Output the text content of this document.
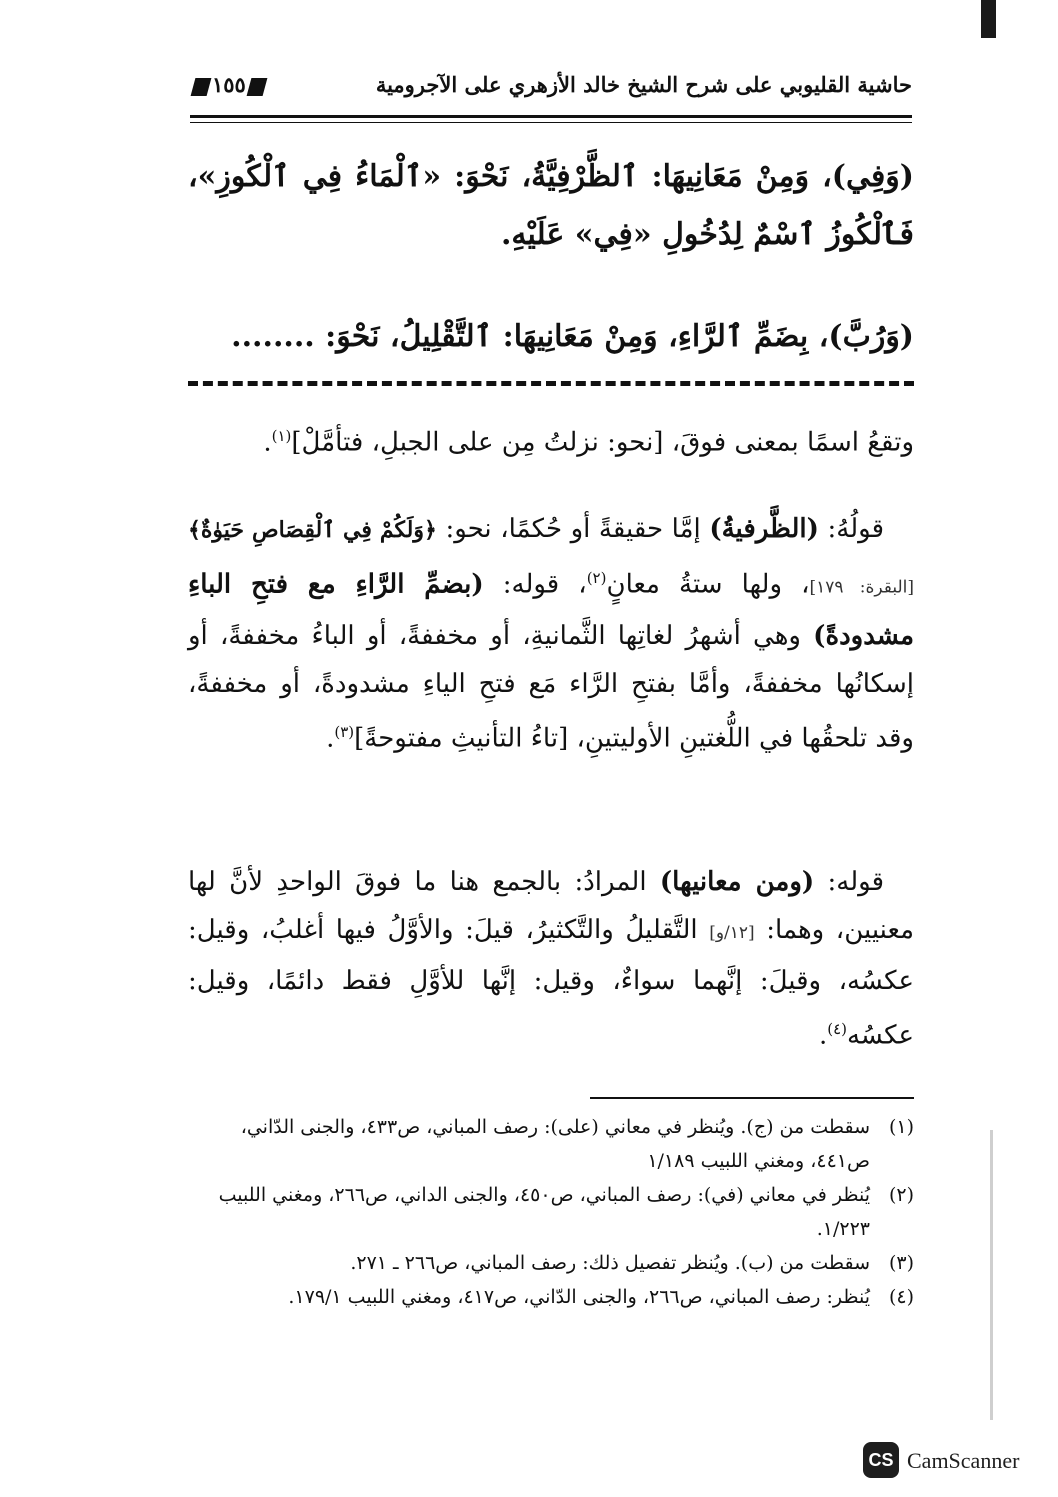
حاشية القليوبي على شرح الشيخ خالد الأزهري على الآجرومية
١٥٥
(وَفِي)، وَمِنْ مَعَانِيهَا: ٱلظَّرْفِيَّةُ، نَحْوَ: «ٱلْمَاءُ فِي ٱلْكُوزِ»، فَٱلْكُوزُ ٱسْمٌ لِدُخُولِ «فِي» عَلَيْهِ.
(وَرُبَّ)، بِضَمِّ ٱلرَّاءِ، وَمِنْ مَعَانِيهَا: ٱلتَّقْلِيلُ، نَحْوَ: ........
وتقعُ اسمًا بمعنى فوقَ، [نحو: نزلتُ مِن على الجبلِ، فتأمَّلْ]$^{(١)}$.
قولُهُ: (الظَّرفيةُ) إمَّا حقيقةً أو حُكمًا، نحو: ﴿وَلَكُمْ فِي ٱلْقِصَاصِ حَيَوٰةٌ﴾ [البقرة: ١٧٩]، ولها ستةُ معانٍ$^{(٢)}$، قوله: (بضمِّ الرَّاءِ مع فتحِ الباءِ مشدودةً) وهي أشهرُ لغاتِها الثَّمانيةِ، أو مخففةً، أو الباءُ مخففةً، أو إسكانُها مخففةً، وأمَّا بفتحِ الرَّاء مَع فتحِ الياءِ مشدودةً، أو مخففةً، وقد تلحقُها في اللُّغتينِ الأوليتينِ، [تاءُ التأنيثِ مفتوحةً]$^{(٣)}$.
قوله: (ومن معانيها) المرادُ: بالجمع هنا ما فوقَ الواحدِ لأنَّ لها معنيين، وهما: [١٢/و] التَّقليلُ والتَّكثيرُ، قيلَ: والأوَّلُ فيها أغلبُ، وقيل: عكسُه، وقيلَ: إنَّهما سواءٌ، وقيل: إنَّها للأوَّلِ فقط دائمًا، وقيل: عكسُه$^{(٤)}$.
(١)
سقطت من (ج). ويُنظر في معاني (على): رصف المباني، ص٤٣٣، والجنى الدّاني، ص٤٤١، ومغني اللبيب ١/١٨٩
(٢)
يُنظر في معاني (في): رصف المباني، ص٤٥٠، والجنى الداني، ص٢٦٦، ومغني اللبيب ١/٢٢٣.
(٣)
سقطت من (ب). ويُنظر تفصيل ذلك: رصف المباني، ص٢٦٦ ـ ٢٧١.
(٤)
يُنظر: رصف المباني، ص٢٦٦، والجنى الدّاني، ص٤١٧، ومغني اللبيب ١٧٩/١.
CS CamScanner
